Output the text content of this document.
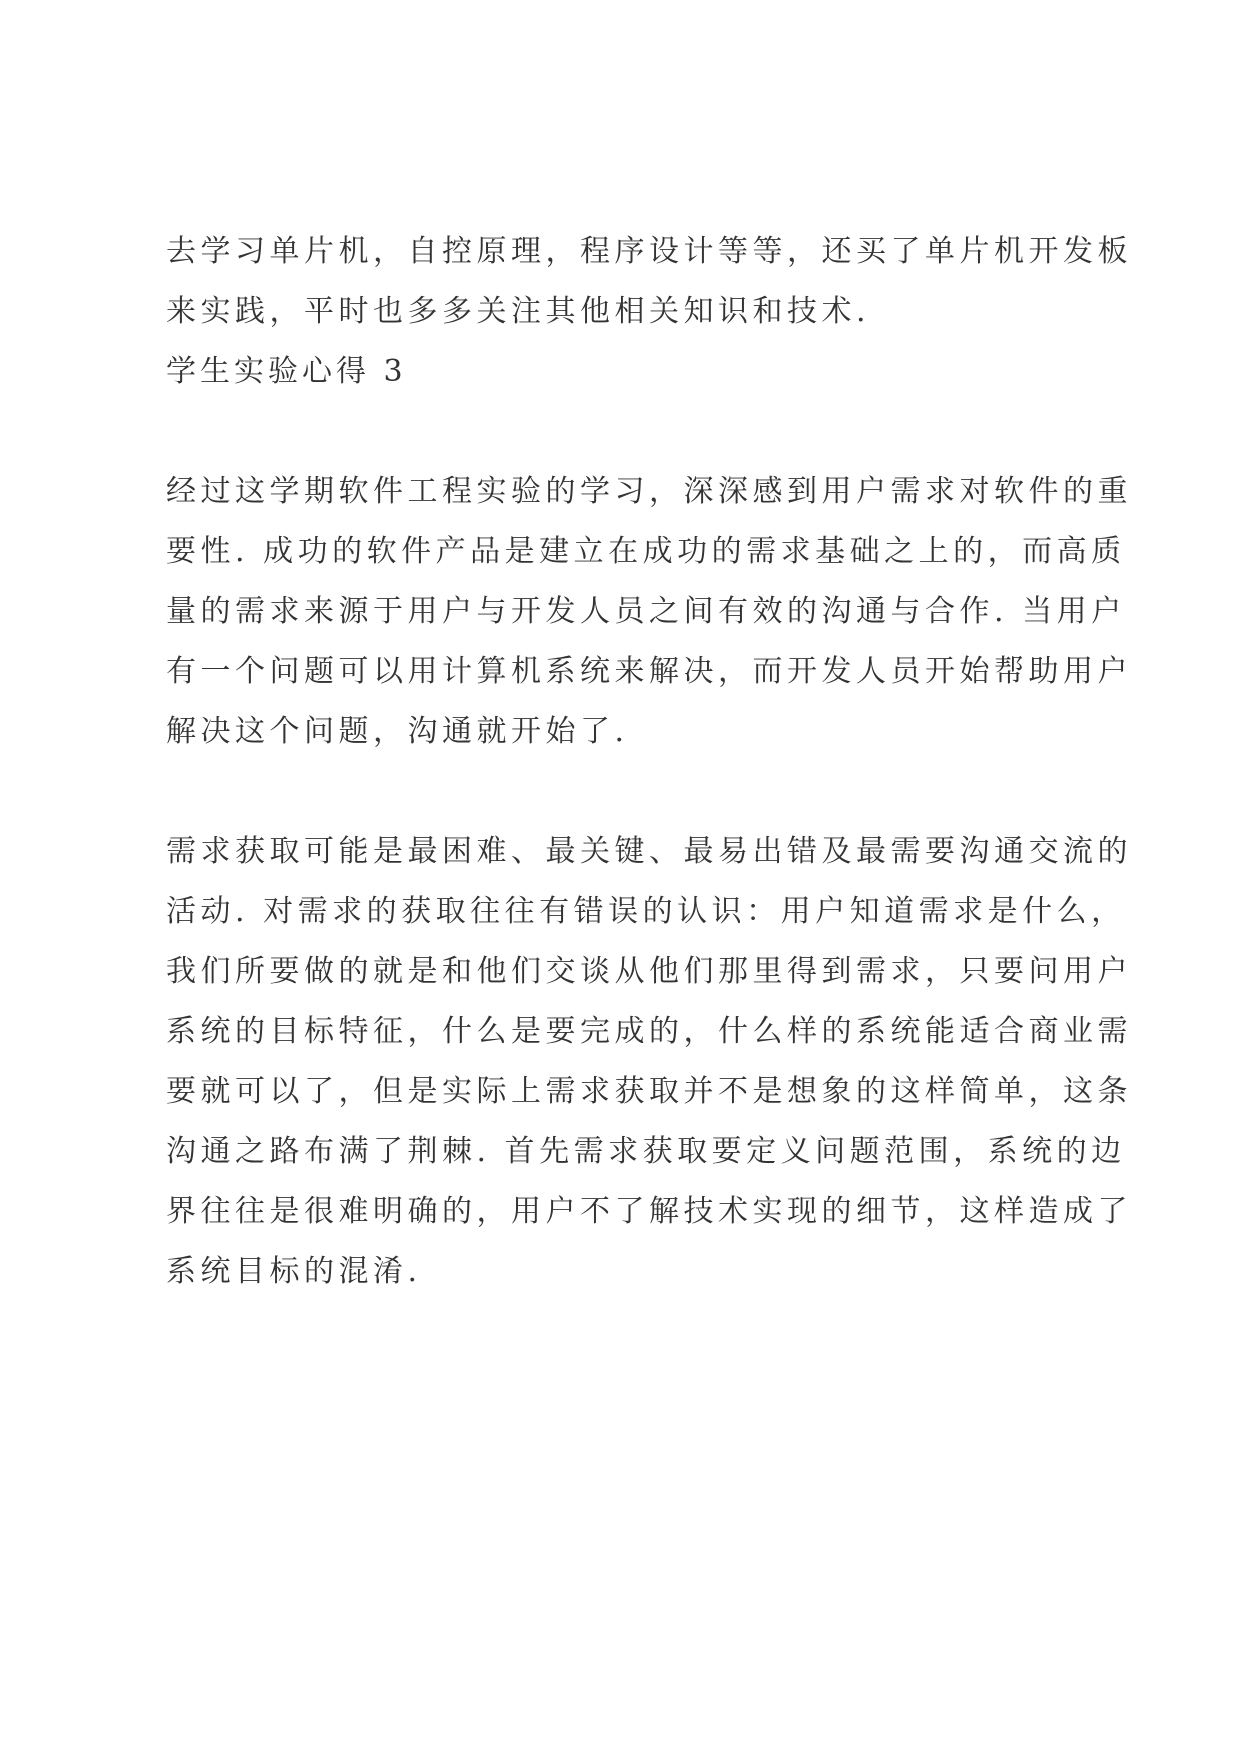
去学习单片机，自控原理，程序设计等等，还买了单片机开发板
来实践，平时也多多关注其他相关知识和技术.

学生实验心得 3

经过这学期软件工程实验的学习，深深感到用户需求对软件的重
要性. 成功的软件产品是建立在成功的需求基础之上的，而高质
量的需求来源于用户与开发人员之间有效的沟通与合作. 当用户
有一个问题可以用计算机系统来解决，而开发人员开始帮助用户
解决这个问题，沟通就开始了.

需求获取可能是最困难、最关键、最易出错及最需要沟通交流的
活动. 对需求的获取往往有错误的认识：用户知道需求是什么，
我们所要做的就是和他们交谈从他们那里得到需求，只要问用户
系统的目标特征，什么是要完成的，什么样的系统能适合商业需
要就可以了，但是实际上需求获取并不是想象的这样简单，这条
沟通之路布满了荆棘. 首先需求获取要定义问题范围，系统的边
界往往是很难明确的，用户不了解技术实现的细节，这样造成了
系统目标的混淆.
